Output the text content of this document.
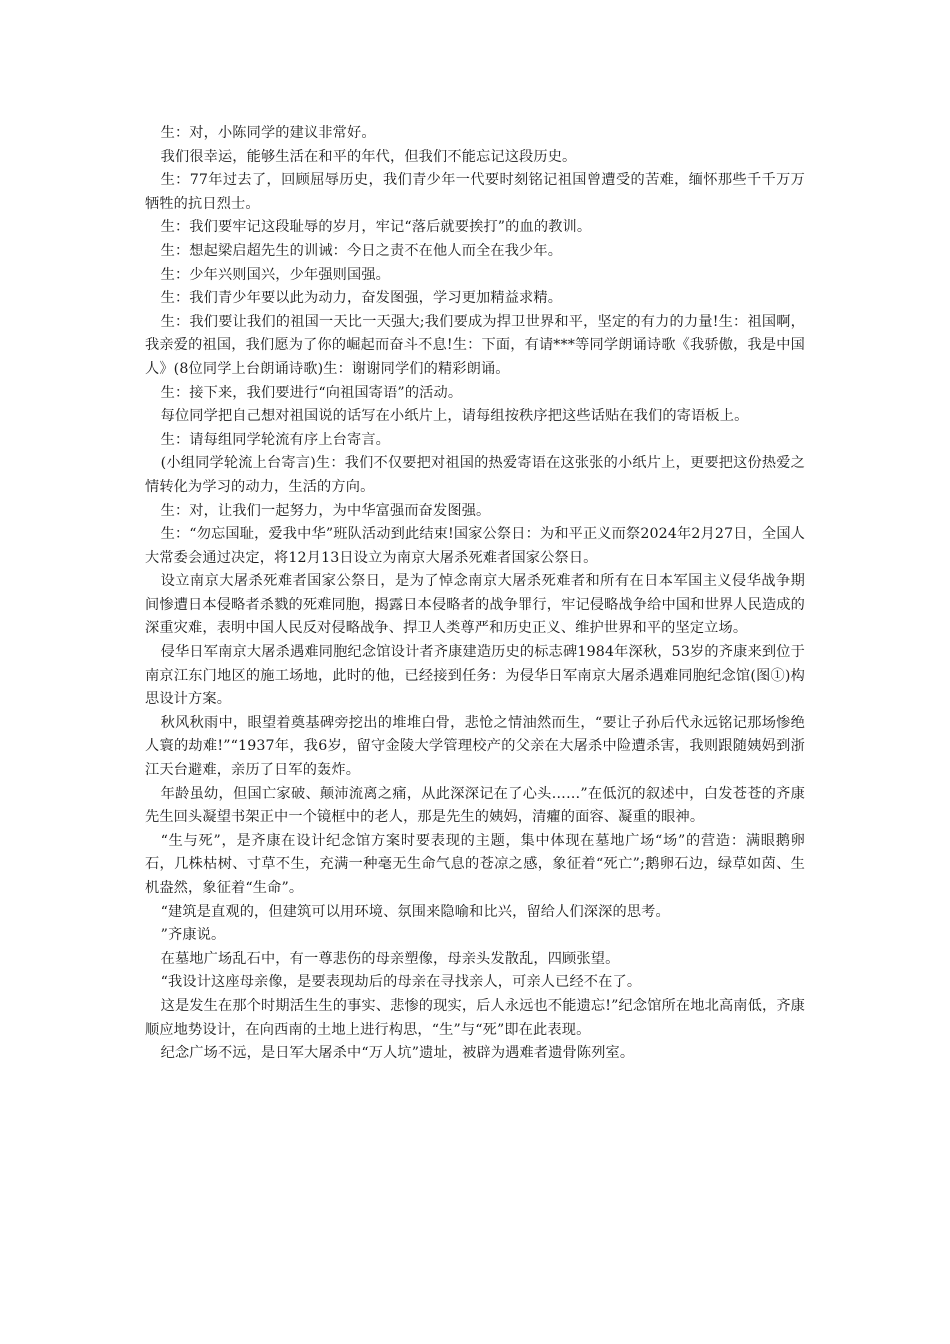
生：对，小陈同学的建议非常好。

我们很幸运，能够生活在和平的年代，但我们不能忘记这段历史。

生：77年过去了，回顾屈辱历史，我们青少年一代要时刻铭记祖国曾遭受的苦难，缅怀那些千千万万牺牲的抗日烈士。

生：我们要牢记这段耻辱的岁月，牢记“落后就要挨打”的血的教训。

生：想起梁启超先生的训诫：今日之责不在他人而全在我少年。

生：少年兴则国兴，少年强则国强。

生：我们青少年要以此为动力，奋发图强，学习更加精益求精。

生：我们要让我们的祖国一天比一天强大;我们要成为捍卫世界和平，坚定的有力的力量!生：祖国啊，我亲爱的祖国，我们愿为了你的崛起而奋斗不息!生：下面，有请***等同学朗诵诗歌《我骄傲，我是中国人》(8位同学上台朗诵诗歌)生：谢谢同学们的精彩朗诵。

生：接下来，我们要进行“向祖国寄语”的活动。

每位同学把自己想对祖国说的话写在小纸片上，请每组按秩序把这些话贴在我们的寄语板上。

生：请每组同学轮流有序上台寄言。

(小组同学轮流上台寄言)生：我们不仅要把对祖国的热爱寄语在这张张的小纸片上，更要把这份热爱之情转化为学习的动力，生活的方向。

生：对，让我们一起努力，为中华富强而奋发图强。

生：“勿忘国耻，爱我中华”班队活动到此结束!国家公祭日：为和平正义而祭2024年2月27日，全国人大常委会通过决定，将12月13日设立为南京大屠杀死难者国家公祭日。

设立南京大屠杀死难者国家公祭日，是为了悼念南京大屠杀死难者和所有在日本军国主义侵华战争期间惨遭日本侵略者杀戮的死难同胞，揭露日本侵略者的战争罪行，牢记侵略战争给中国和世界人民造成的深重灾难，表明中国人民反对侵略战争、捍卫人类尊严和历史正义、维护世界和平的坚定立场。

侵华日军南京大屠杀遇难同胞纪念馆设计者齐康建造历史的标志碑1984年深秋，53岁的齐康来到位于南京江东门地区的施工场地，此时的他，已经接到任务：为侵华日军南京大屠杀遇难同胞纪念馆(图①)构思设计方案。

秋风秋雨中，眼望着奠基碑旁挖出的堆堆白骨，悲怆之情油然而生，“要让子孙后代永远铭记那场惨绝人寰的劫难!”“1937年，我6岁，留守金陵大学管理校产的父亲在大屠杀中险遭杀害，我则跟随姨妈到浙江天台避难，亲历了日军的轰炸。

年龄虽幼，但国亡家破、颠沛流离之痛，从此深深记在了心头……”在低沉的叙述中，白发苍苍的齐康先生回头凝望书架正中一个镜框中的老人，那是先生的姨妈，清癯的面容、凝重的眼神。

“生与死”，是齐康在设计纪念馆方案时要表现的主题，集中体现在墓地广场“场”的营造：满眼鹅卵石，几株枯树、寸草不生，充满一种毫无生命气息的苍凉之感，象征着“死亡”;鹅卵石边，绿草如茵、生机盎然，象征着“生命”。

“建筑是直观的，但建筑可以用环境、氛围来隐喻和比兴，留给人们深深的思考。

”齐康说。

在墓地广场乱石中，有一尊悲伤的母亲塑像，母亲头发散乱，四顾张望。

“我设计这座母亲像，是要表现劫后的母亲在寻找亲人，可亲人已经不在了。

这是发生在那个时期活生生的事实、悲惨的现实，后人永远也不能遗忘!”纪念馆所在地北高南低，齐康顺应地势设计，在向西南的土地上进行构思，“生”与“死”即在此表现。

纪念广场不远，是日军大屠杀中“万人坑”遗址，被辟为遇难者遗骨陈列室。
